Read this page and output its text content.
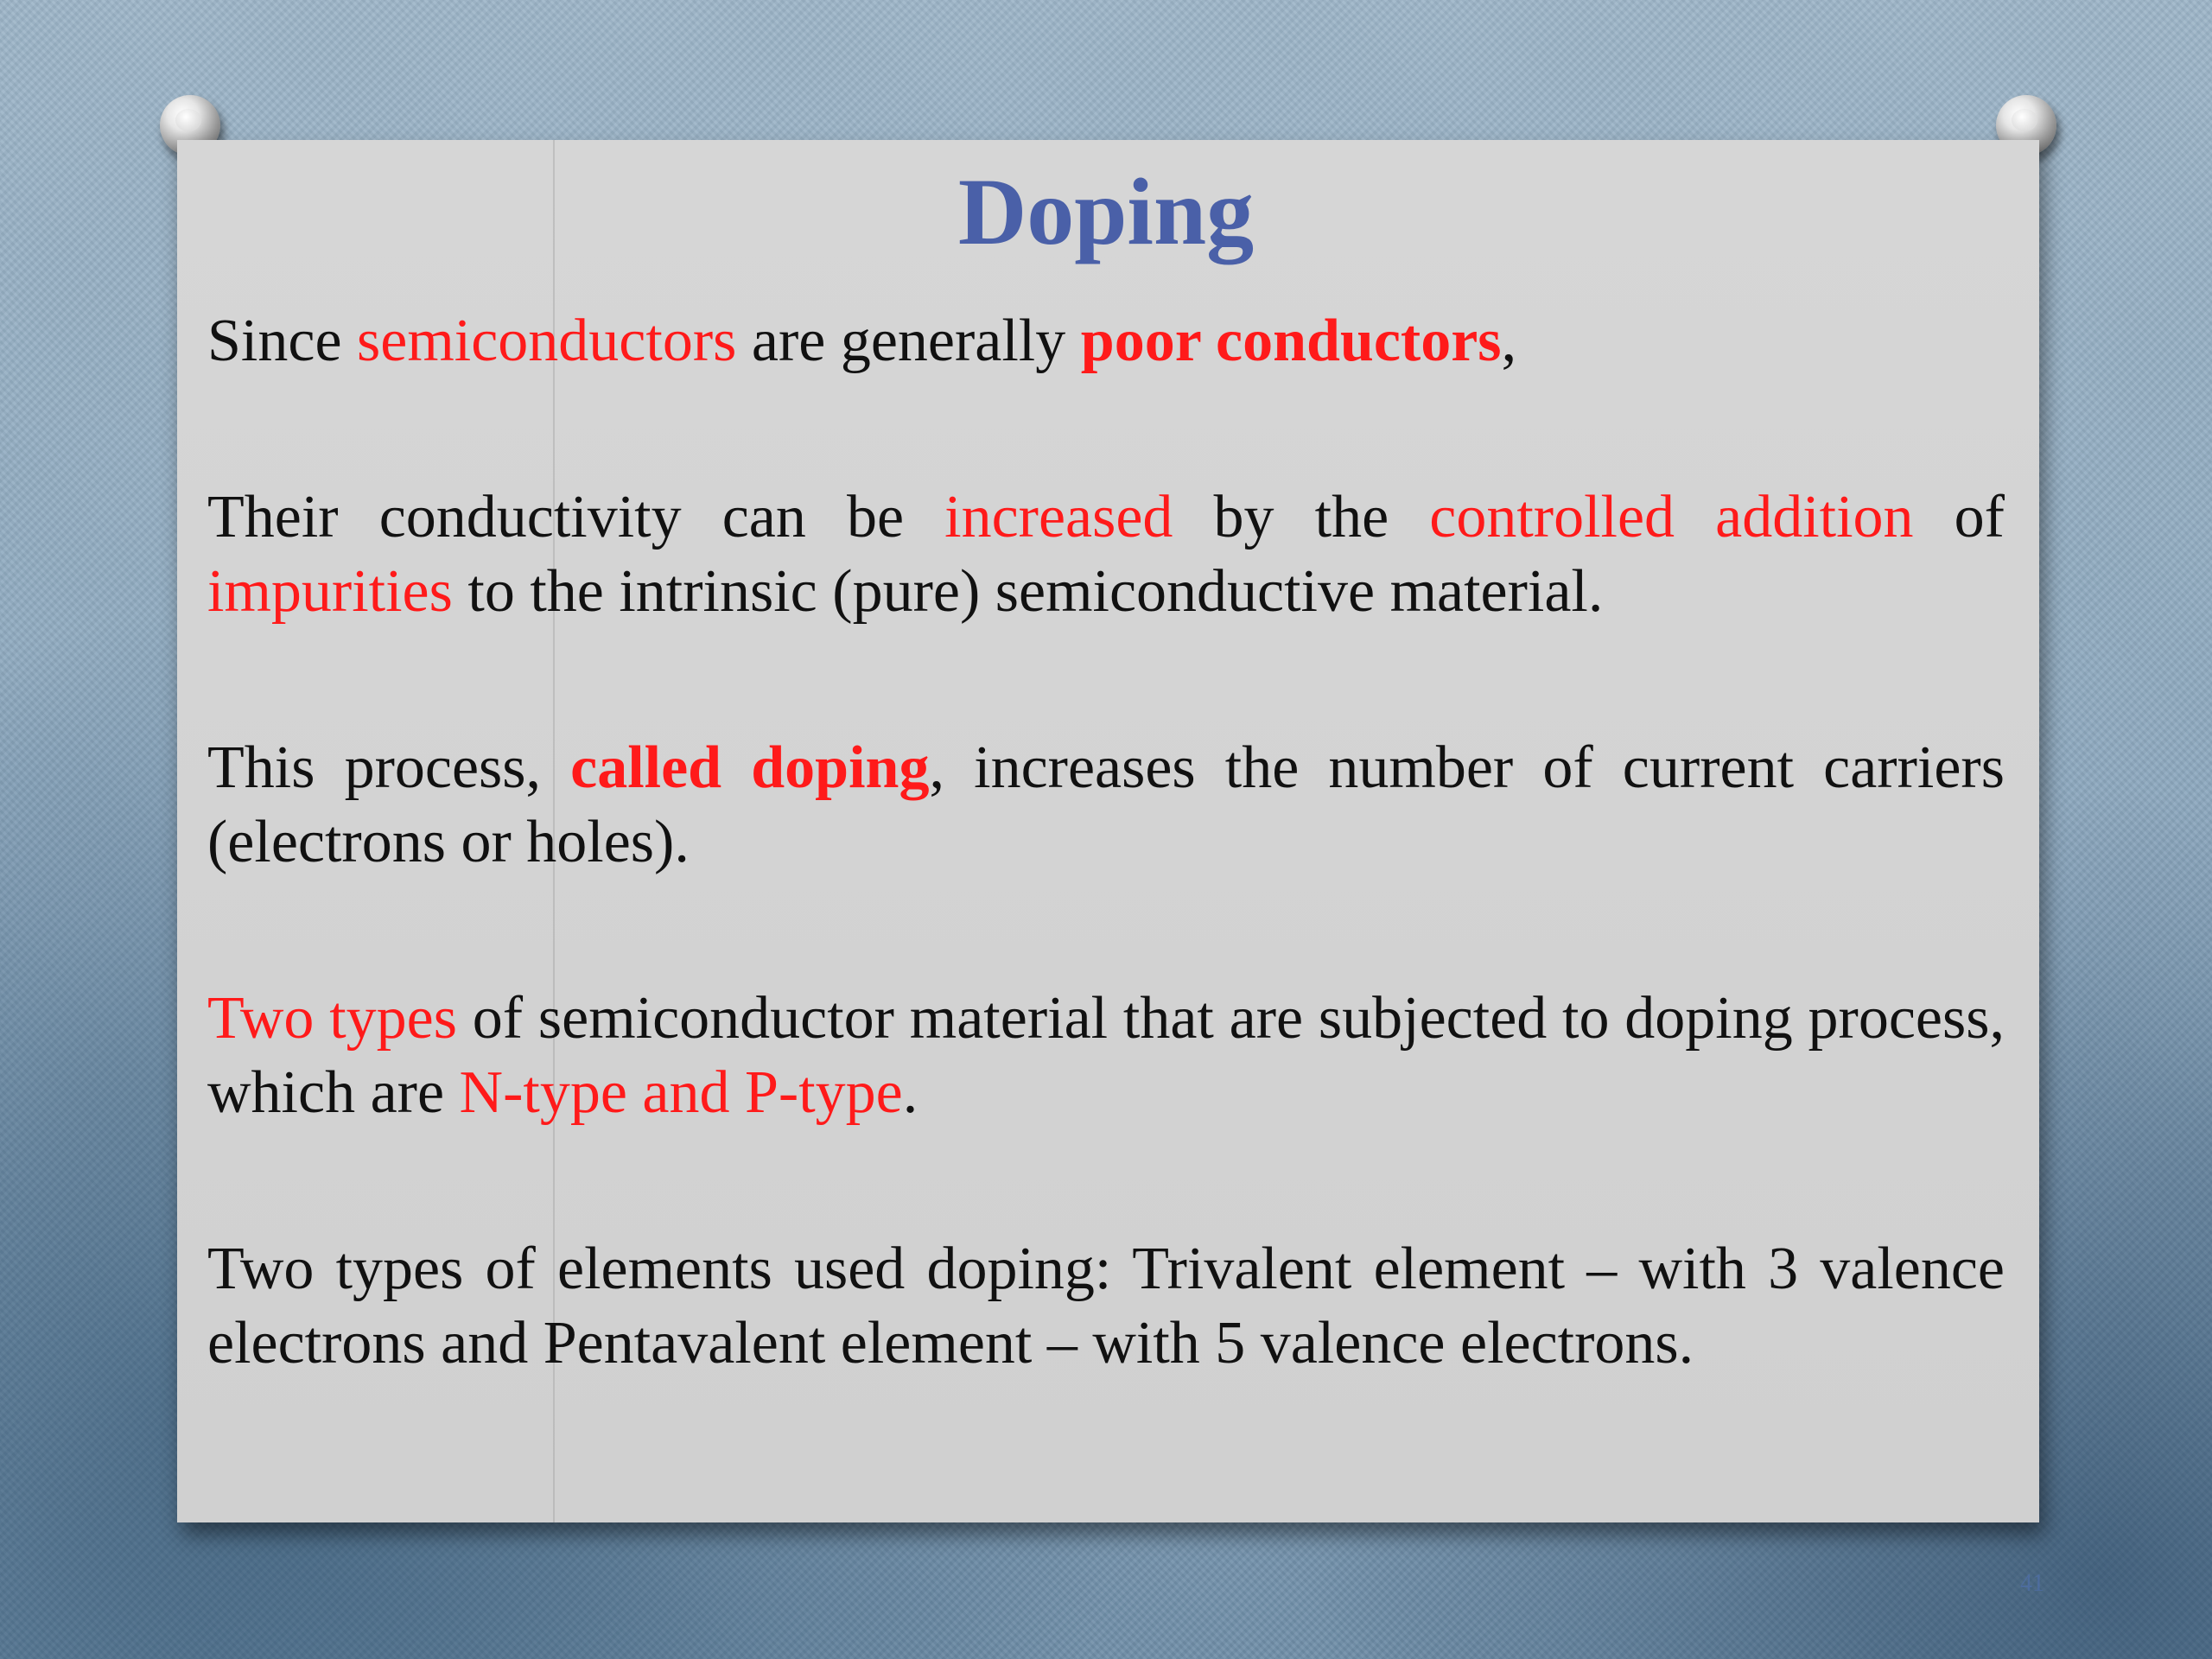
Doping

Since semiconductors are generally poor conductors,

Their conductivity can be increased by the controlled addition of impurities to the intrinsic (pure) semiconductive material.

This process, called doping, increases the number of current carriers (electrons or holes).

Two types of semiconductor material that are subjected to doping process, which are N-type and P-type.

Two types of elements used doping: Trivalent element – with 3 valence electrons and Pentavalent element – with 5 valence electrons.

41
